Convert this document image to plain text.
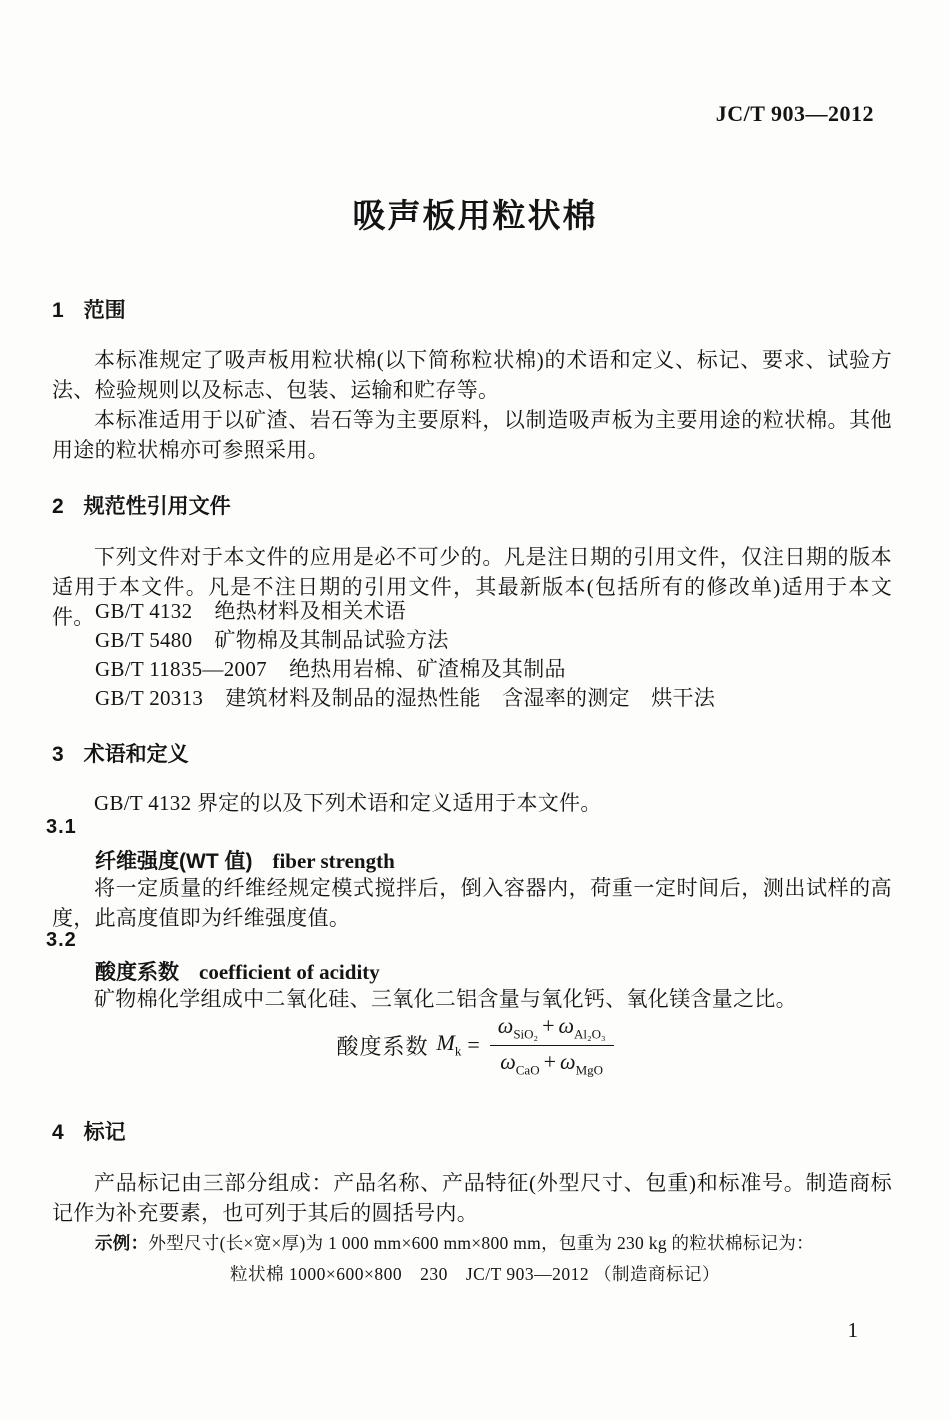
JC/T 903—2012
吸声板用粒状棉
1 范围
本标准规定了吸声板用粒状棉(以下简称粒状棉)的术语和定义、标记、要求、试验方法、检验规则以及标志、包装、运输和贮存等。
本标准适用于以矿渣、岩石等为主要原料，以制造吸声板为主要用途的粒状棉。其他用途的粒状棉亦可参照采用。
2 规范性引用文件
下列文件对于本文件的应用是必不可少的。凡是注日期的引用文件，仅注日期的版本适用于本文件。凡是不注日期的引用文件，其最新版本(包括所有的修改单)适用于本文件。 GB/T 4132 绝热材料及相关术语
GB/T 5480 矿物棉及其制品试验方法
GB/T 11835—2007 绝热用岩棉、矿渣棉及其制品
GB/T 20313 建筑材料及制品的湿热性能　含湿率的测定　烘干法
3 术语和定义
GB/T 4132 界定的以及下列术语和定义适用于本文件。
3.1
纤维强度(WT 值) fiber strength
将一定质量的纤维经规定模式搅拌后，倒入容器内，荷重一定时间后，测出试样的高度，此高度值即为纤维强度值。
3.2
酸度系数 coefficient of acidity
矿物棉化学组成中二氧化硅、三氧化二铝含量与氧化钙、氧化镁含量之比。
酸度系数 $M_k = \frac{\omega_{SiO_2} + \omega_{Al_2O_3}}{\omega_{CaO} + \omega_{MgO}}$
4 标记
产品标记由三部分组成：产品名称、产品特征(外型尺寸、包重)和标准号。制造商标记作为补充要素，也可列于其后的圆括号内。
示例：外型尺寸(长×宽×厚)为 1 000 mm×600 mm×800 mm，包重为 230 kg 的粒状棉标记为：
粒状棉 1000×600×800　230　JC/T 903—2012 （制造商标记）
1
